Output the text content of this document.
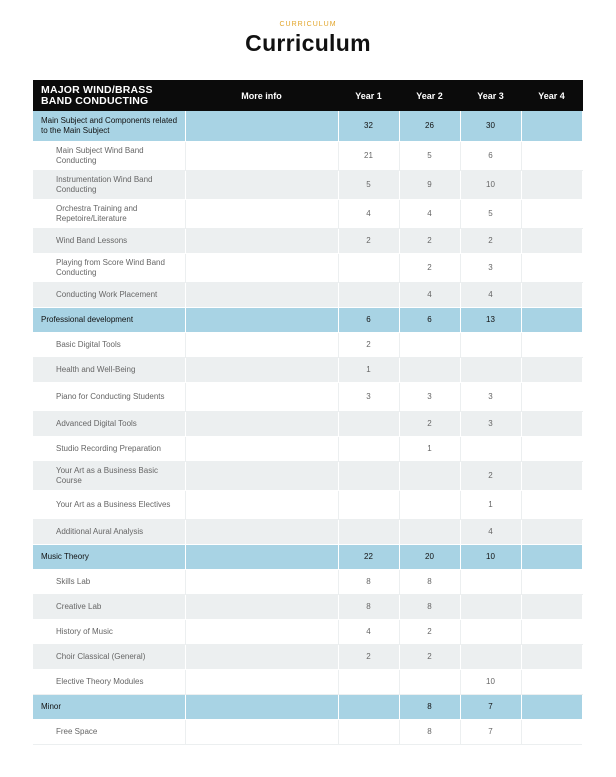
CURRICULUM
Curriculum
MAJOR WIND/BRASS BAND CONDUCTING	More info	Year 1	Year 2	Year 3	Year 4
Main Subject and Components related to the Main Subject		32	26	30	
Main Subject Wind Band Conducting		21	5	6	
Instrumentation Wind Band Conducting		5	9	10	
Orchestra Training and Repetoire/Literature		4	4	5	
Wind Band Lessons		2	2	2	
Playing from Score Wind Band Conducting			2	3	
Conducting Work Placement			4	4	
Professional development		6	6	13	
Basic Digital Tools		2			
Health and Well-Being		1			
Piano for Conducting Students		3	3	3	
Advanced Digital Tools			2	3	
Studio Recording Preparation			1		
Your Art as a Business Basic Course				2	
Your Art as a Business Electives				1	
Additional Aural Analysis				4	
Music Theory		22	20	10	
Skills Lab		8	8		
Creative Lab		8	8		
History of Music		4	2		
Choir Classical (General)		2	2		
Elective Theory Modules				10	
Minor			8	7	
Free Space			8	7	
